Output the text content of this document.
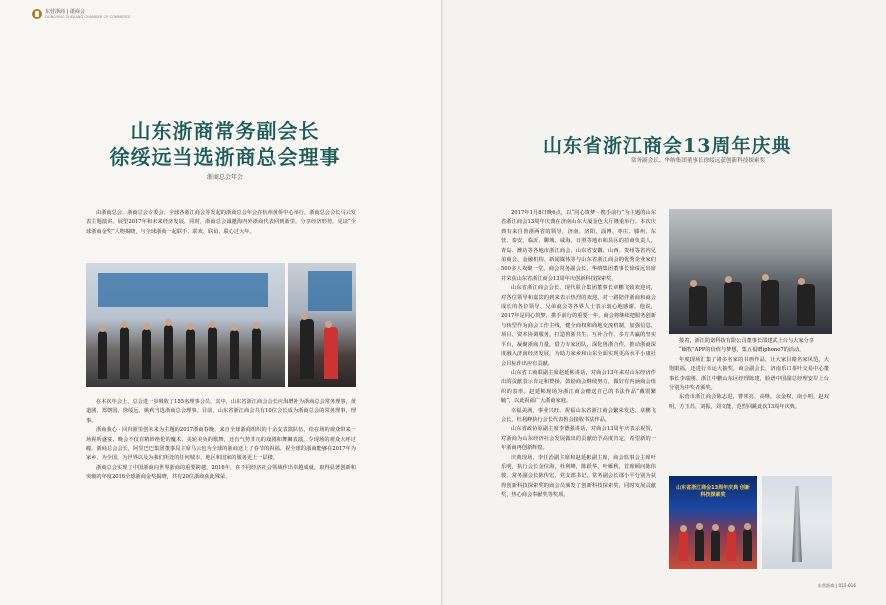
东营浙商 | 浙商会
DONGYING ZHEJIANG CHAMBER OF COMMERCE
山东浙商常务副会长
徐绥远当选浙商总会理事
浙商总会年会

由浙商总会、浙商总会专委会、全球各浙江商会等发起的浙商总会年会在杭州黄侨中心举行，浙商总会会长马云发表主题演讲。展望2017年和未来经济发展，同时，浙商总会诚邀海内外浙商代表回到浙里，分享经济形势，见证“全球浙商金奖”人物揭晓，与全球浙商一起联手、联欢、联谊、联心过大年。

在本次年会上，总会进一步吸收了155名理事会员，其中，山东省浙江商会会长应海增补为浙商总会常务理事，黄道剧、郑朝国、徐绥远、姚莉当选浙商总会理事。目前，山东省浙江商会共有10位会长成为浙商总会的常务理事、理事。

浙商我心 · 回归浙里创未来为主题的2017浙商春晚，来自全球浙商组织的十余支表演队伍，给在场的观众带来一场视听盛宴，晚会不仅有精妙绝伦的魔术、美轮美奂的歌舞，还有气势非凡的戏剧和舞狮表演，令现场的观众大呼过瘾。浙商总会会长，阿里巴巴集团董事局主席马云也为全球的浙商送上了春节的祝福，祝全球的浙商能够在2017年为家乡、为全国，为世界以及为我们所处的任何城市、地区和国家的服务更上一层楼。

浙商总会实现了中国浙商向世界浙商的重要跨越，2016年，在不同经济社会领域作出卓越成就，取得显著创新和突破的年度2016全球浙商金奖揭晓，共有20位浙商获此殊荣。

山东省浙江商会13周年庆典
常务副会长、华纳集团董事长徐绥远获创新科技探索奖

2017年1月8日晚6点，以“同心筑梦 · 携手前行”为主题的山东省浙江商会13周年庆典在济南山东大厦金色大厅隆重举行。本次庆典有来自鲁浙两省的领导，济南、济阳、淄博、枣庄、滕州、东营、泰安、临沂、聊城、威海、日照等地市和县区的招商负责人，青岛、潍坊等各地市浙江商会、山东省安徽、山西、贵州等省内兄弟商会、金融机构、新闻媒体等与山东省浙江商会的优秀企业家们500多人欢聚一堂。商会常务副会长、华纳集团董事长徐绥远出席并荣获山东省浙江商会13周年庆创新科技探索奖。

山东省浙江商会会长、现代联合集团董事长章鹏飞致欢迎词，对各位领导和嘉宾的到来表示热烈的欢迎，对一路陪伴浙商和商会成长的各位领导、兄弟商会等各界人士表示衷心地感谢。他说，2017年是同心筑梦，携手前行的重要一年，商会将继续把服务创新与转型作为商会工作主线，健全商权和商地交流机制，加强信息、项目、资本协调服务，打造鲁浙共生、互补合作、多方共赢的坚实平台，凝聚浙商力量，借力专家团队，深化鲁浙合作，推动浙商深度融入济南经济发展，为助力家乡和山东全面实现更高水平小康社会目标作出应有贡献。

山东省工商联副主席赵延彬讲话，对商会13年来对山东经济作出的贡献表示肯定和赞扬，鼓励商会继续努力，做好有内涵商会组织的表率。赵延彬现场为浙江商会赠送自己的书法作品“戴震繁毓”，以此祝福广大浙商家庭。

幸福美满，事业兴旺。祝福山东省浙江商会繁荣发达，章鹏飞会长，杜利峰执行会长代表鲁会接收书法作品。

山东省政协原副主席李德强讲话，对商会13周年庆表示祝贺，对浙商为山东经济社会发展做出的贡献给予高度肯定，希望新的一年浙商再创新辉煌。

庆典现场，李任治副主席和赵延彬副主席，商会监事会主席叶乐明，执行会长金位海，杜利峰，陈跃华，叶雁秋，首席顾问陈伟骏，常务副会长陈传宏、党支部书记、常务副会长邵小平分别为获得创新科技探索奖的商会员颁发了创新科技探索奖，同时发展贡献奖、热心商会奉献奖等奖项。

接着，浙江防诺科技有限公司董事长邵建武上台与大家分享

“蜗牧”APP的价值与梦想，集五福赠iphone7的活动。

年度现场汇集了诸多名家的书画作品，让大家目睹名家风范，大饱眼福，还进行幸运大抽奖，商会副会长，济南乐口茶叶交易中心董事长李端刚、浙江中鹏山东区经理陈建，脸谱中国副总经理安岸上台分别为中奖者颁奖。

东营市浙江商会陈志进，曹邦亮，高继，余金权，南小明，赵双明，方玉苏，刘振，刘文能，范烈回跳此次13周年庆典。

山东省浙江商会13周年庆典 创新科技探索奖
东营浙商 | 015-016
